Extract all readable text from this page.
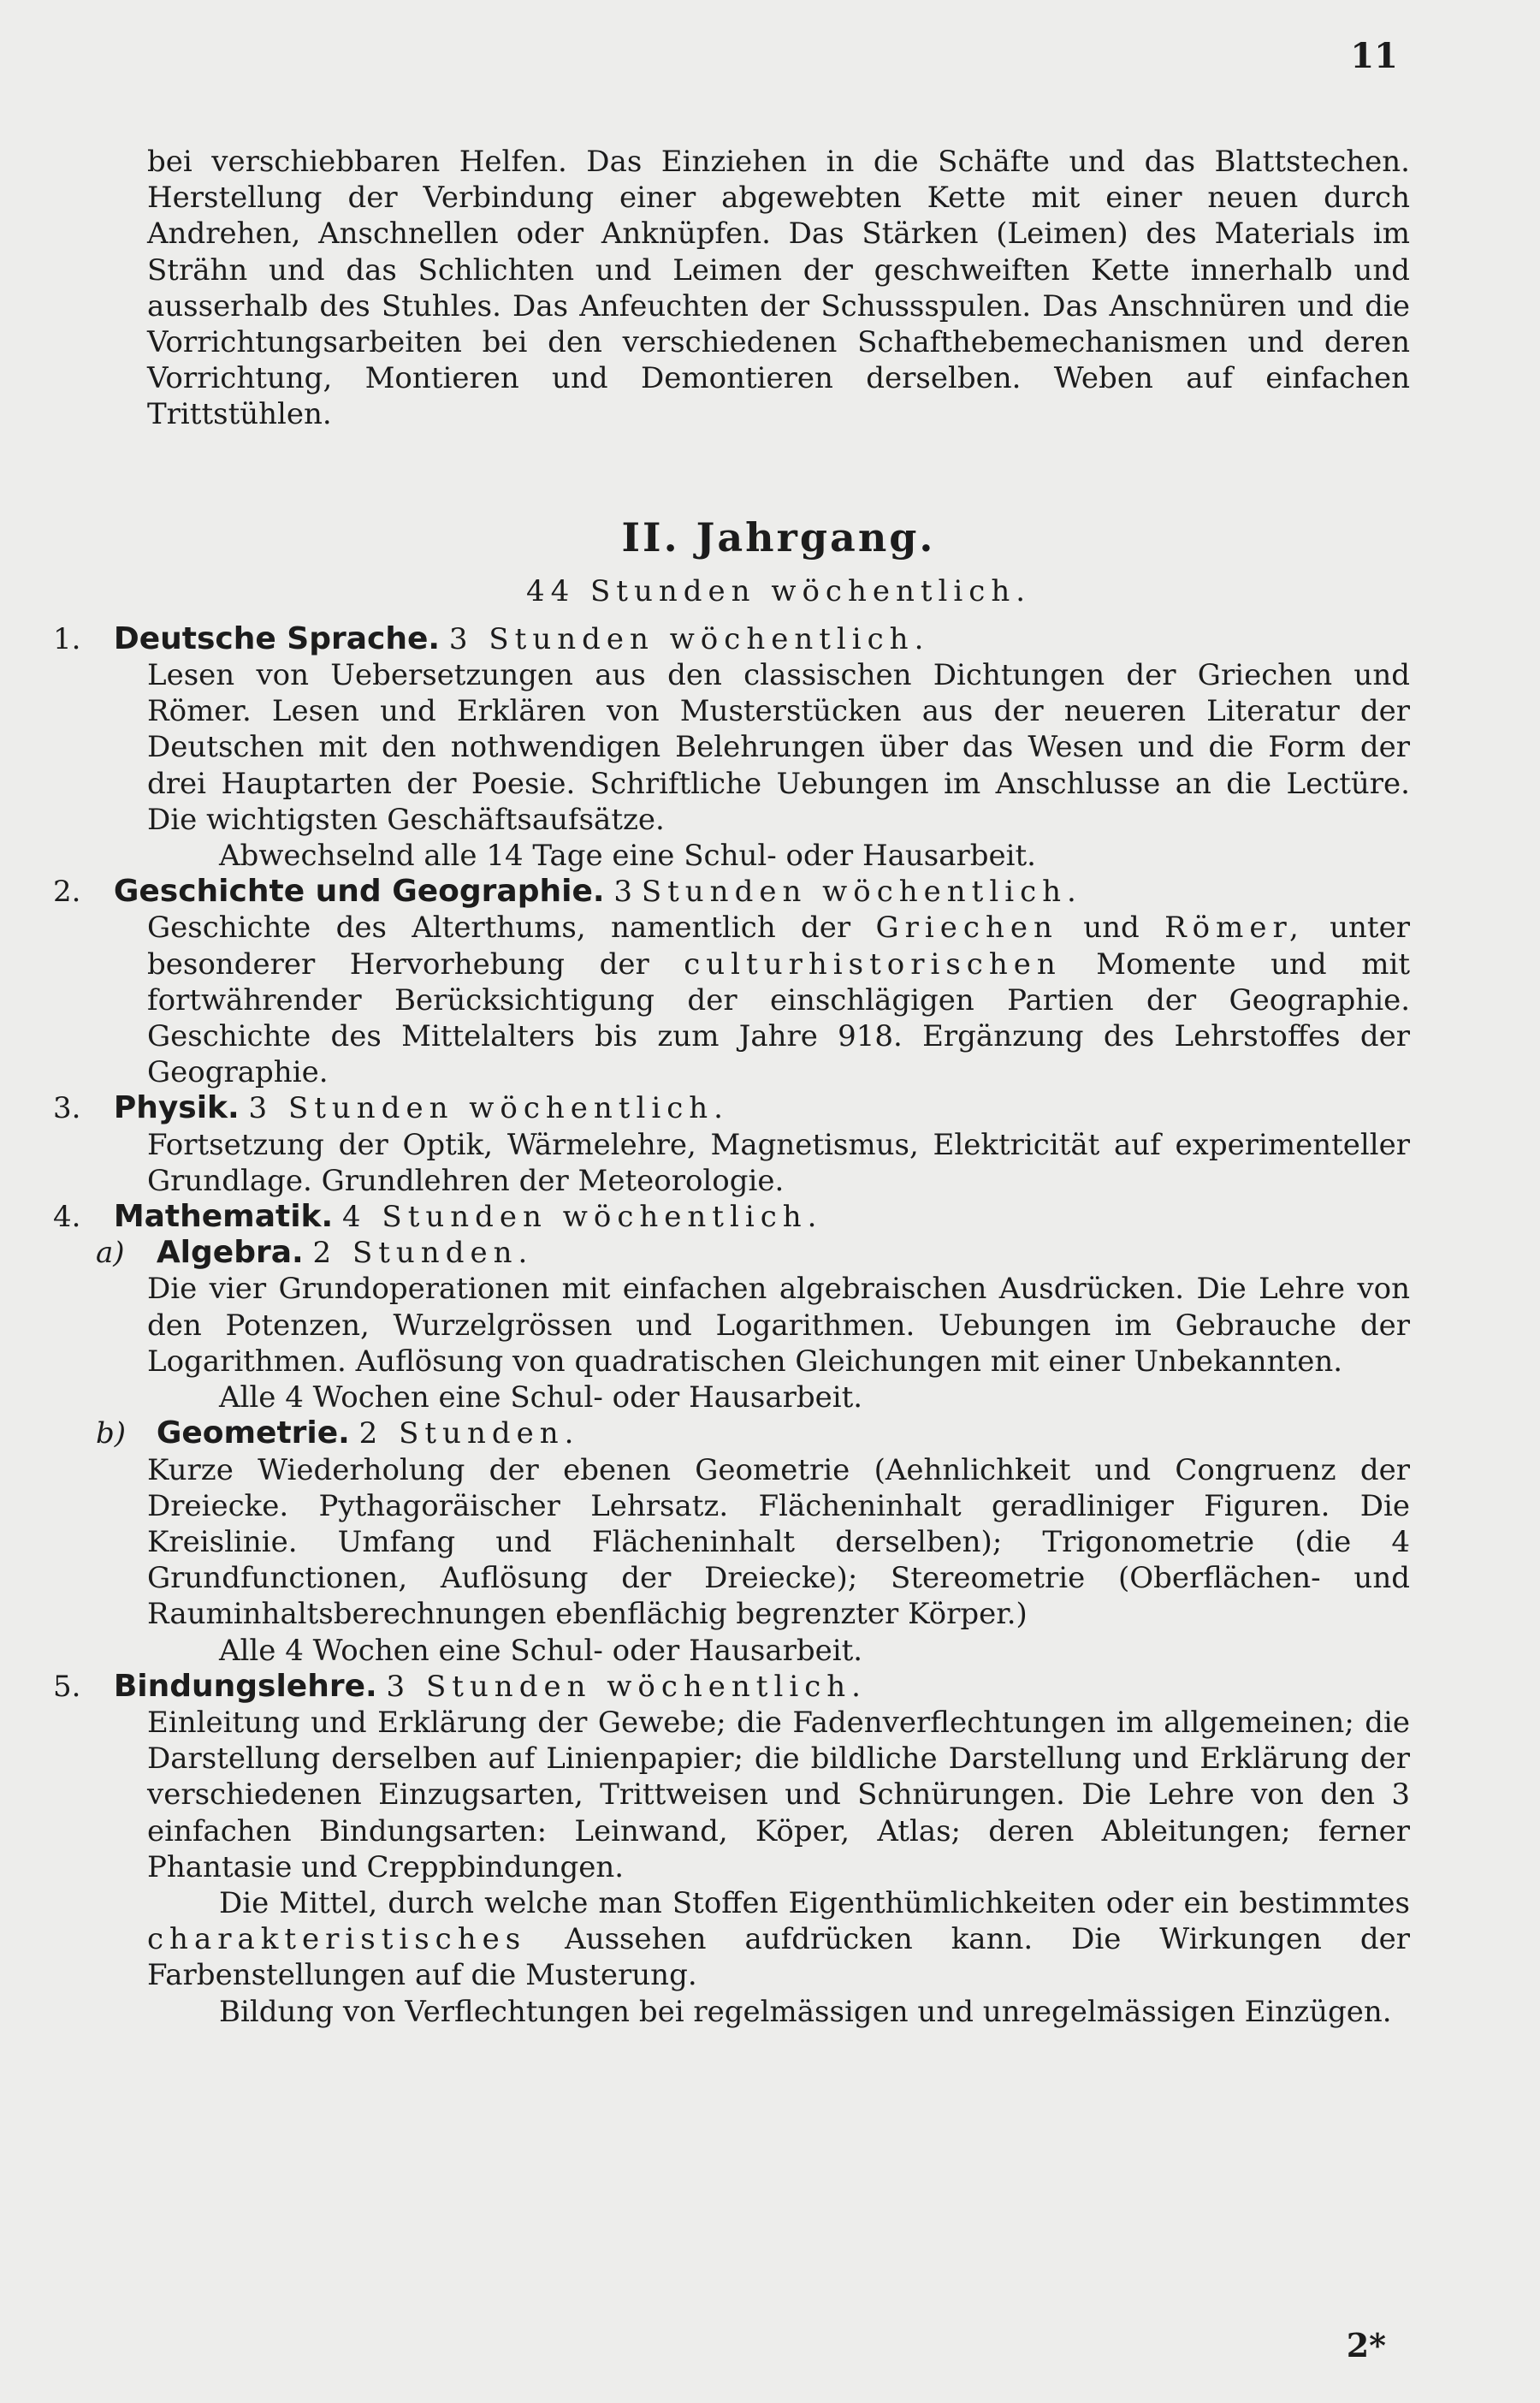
11

bei verschiebbaren Helfen. Das Einziehen in die Schäfte und das Blattstechen. Herstellung der Verbindung einer abgewebten Kette mit einer neuen durch Andrehen, Anschnellen oder Anknüpfen. Das Stärken (Leimen) des Materials im Strähn und das Schlichten und Leimen der geschweiften Kette innerhalb und ausserhalb des Stuhles. Das Anfeuchten der Schussspulen. Das Anschnüren und die Vorrichtungsarbeiten bei den verschiedenen Schafthebemechanismen und deren Vorrichtung, Montieren und Demontieren derselben. Weben auf einfachen Trittstühlen.

II. Jahrgang.

44 Stunden wöchentlich.

1. Deutsche Sprache. 3 Stunden wöchentlich.

Lesen von Uebersetzungen aus den classischen Dichtungen der Griechen und Römer. Lesen und Erklären von Musterstücken aus der neueren Literatur der Deutschen mit den nothwendigen Belehrungen über das Wesen und die Form der drei Hauptarten der Poesie. Schriftliche Uebungen im Anschlusse an die Lectüre. Die wichtigsten Geschäftsaufsätze.

Abwechselnd alle 14 Tage eine Schul- oder Hausarbeit.

2. Geschichte und Geographie. 3 Stunden wöchentlich.

Geschichte des Alterthums, namentlich der Griechen und Römer, unter besonderer Hervorhebung der culturhistorischen Momente und mit fortwährender Berücksichtigung der einschlägigen Partien der Geographie. Geschichte des Mittelalters bis zum Jahre 918. Ergänzung des Lehrstoffes der Geographie.

3. Physik. 3 Stunden wöchentlich.

Fortsetzung der Optik, Wärmelehre, Magnetismus, Elektricität auf experimenteller Grundlage. Grundlehren der Meteorologie.

4. Mathematik. 4 Stunden wöchentlich.
a) Algebra. 2 Stunden.

Die vier Grundoperationen mit einfachen algebraischen Ausdrücken. Die Lehre von den Potenzen, Wurzelgrössen und Logarithmen. Uebungen im Gebrauche der Logarithmen. Auflösung von quadratischen Gleichungen mit einer Unbekannten.

Alle 4 Wochen eine Schul- oder Hausarbeit.

b) Geometrie. 2 Stunden.

Kurze Wiederholung der ebenen Geometrie (Aehnlichkeit und Congruenz der Dreiecke. Pythagoräischer Lehrsatz. Flächeninhalt geradliniger Figuren. Die Kreislinie. Umfang und Flächeninhalt derselben); Trigonometrie (die 4 Grundfunctionen, Auflösung der Dreiecke); Stereometrie (Oberflächen- und Rauminhaltsberechnungen ebenflächig begrenzter Körper.)

Alle 4 Wochen eine Schul- oder Hausarbeit.

5. Bindungslehre. 3 Stunden wöchentlich.

Einleitung und Erklärung der Gewebe; die Fadenverflechtungen im allgemeinen; die Darstellung derselben auf Linienpapier; die bildliche Darstellung und Erklärung der verschiedenen Einzugsarten, Trittweisen und Schnürungen. Die Lehre von den 3 einfachen Bindungsarten: Leinwand, Köper, Atlas; deren Ableitungen; ferner Phantasie und Creppbindungen.

Die Mittel, durch welche man Stoffen Eigenthümlichkeiten oder ein bestimmtes charakteristisches Aussehen aufdrücken kann. Die Wirkungen der Farbenstellungen auf die Musterung.

Bildung von Verflechtungen bei regelmässigen und unregelmässigen Einzügen.

2*
